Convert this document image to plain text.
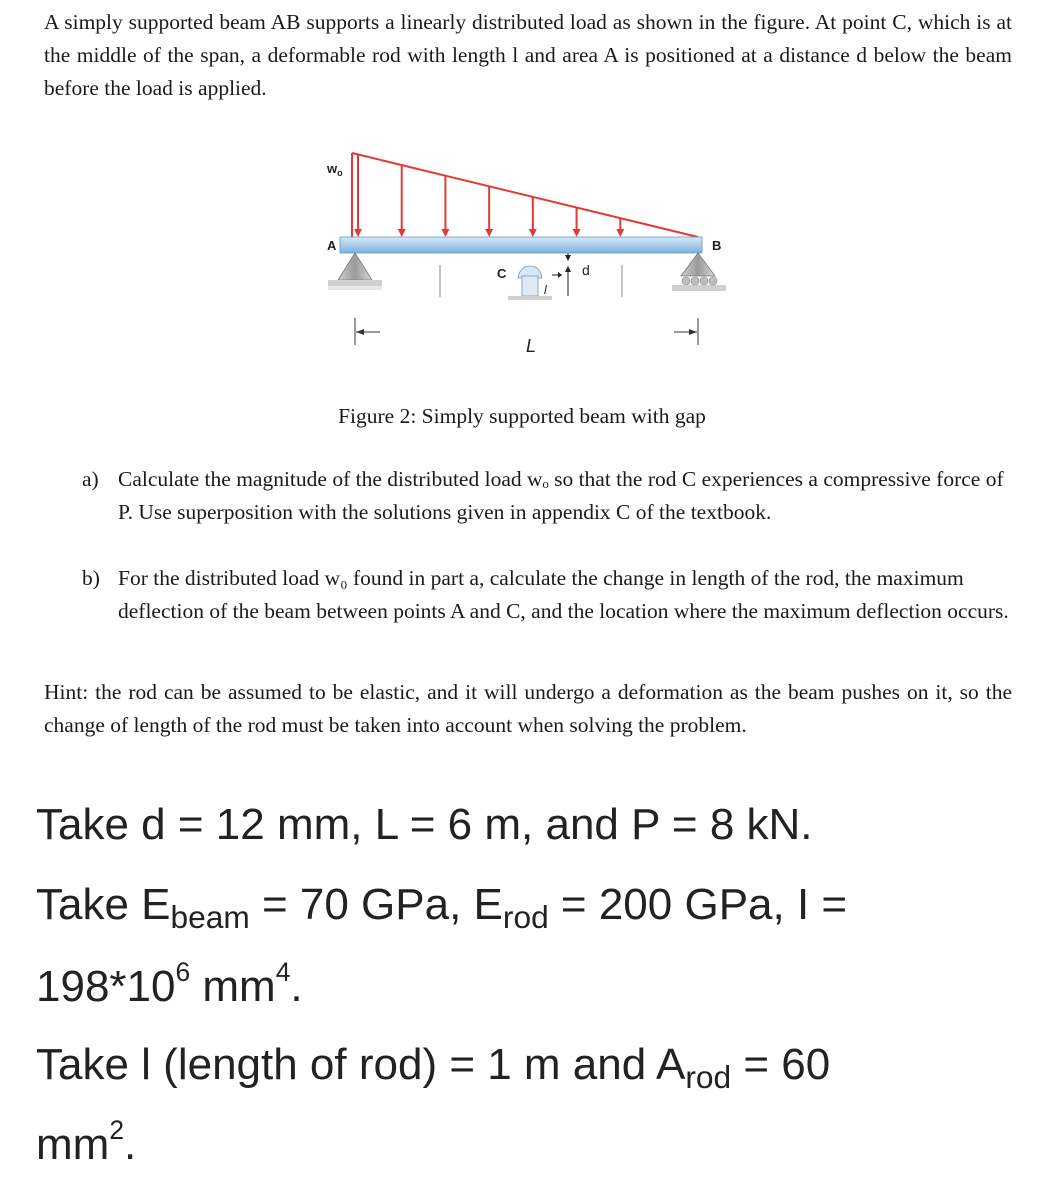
A simply supported beam AB supports a linearly distributed load as shown in the figure. At point C, which is at the middle of the span, a deformable rod with length l and area A is positioned at a distance d below the beam before the load is applied.

$w_o$
A	B
C
l
d
L
Figure 2: Simply supported beam with gap
a) Calculate the magnitude of the distributed load wₒ so that the rod C experiences a compressive force of P. Use superposition with the solutions given in appendix C of the textbook.
b) For the distributed load w₀ found in part a, calculate the change in length of the rod, the maximum deflection of the beam between points A and C, and the location where the maximum deflection occurs.

Hint: the rod can be assumed to be elastic, and it will undergo a deformation as the beam pushes on it, so the change of length of the rod must be taken into account when solving the problem.

Take d = 12 mm, L = 6 m, and P = 8 kN.
Take $E_{beam} = 70$ GPa, $E_{rod} = 200$ GPa, I =
$198*10^6$ $mm^4$.
Take l (length of rod) = 1 m and $A_{rod} = 60$
$mm^2$.
